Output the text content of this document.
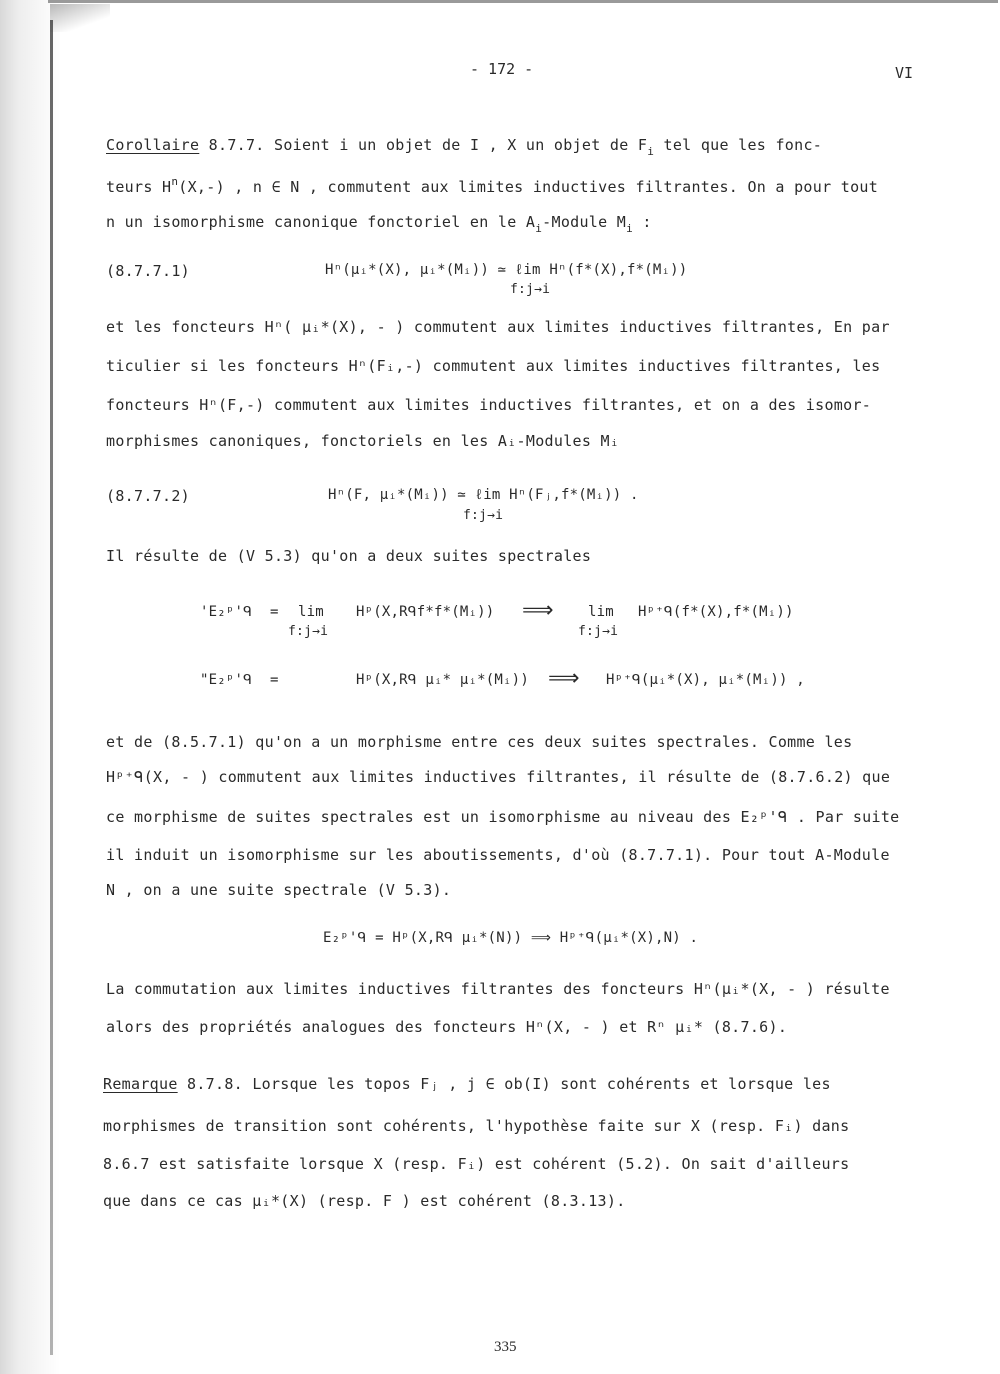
- 172 -	VI
Corollaire 8.7.7. Soient i un objet de I , X un objet de $F_i$ tel que les fonc-
teurs $H^n(X,-)$ , n ∈ N , commutent aux limites inductives filtrantes. On a pour tout
n un isomorphisme canonique fonctoriel en le $A_i$-Module $M_i$ :
(8.7.7.1)	Hⁿ(μᵢ*(X), μᵢ*(Mᵢ)) ≃ ℓim Hⁿ(f*(X),f*(Mᵢ))
f:j→i
et les foncteurs Hⁿ( μᵢ*(X), - ) commutent aux limites inductives filtrantes, En par
ticulier si les foncteurs Hⁿ(Fᵢ,-) commutent aux limites inductives filtrantes, les
foncteurs Hⁿ(F,-) commutent aux limites inductives filtrantes, et on a des isomor-
morphismes canoniques, fonctoriels en les Aᵢ-Modules Mᵢ
(8.7.7.2)	Hⁿ(F, μᵢ*(Mᵢ)) ≃ ℓim Hⁿ(Fⱼ,f*(Mᵢ)) .
f:j→i
Il résulte de (V 5.3) qu'on a deux suites spectrales
'E₂ᵖ'ᑫ = lim
f:j→i
Hᵖ(X,Rᑫf*f*(Mᵢ)) ⟹ lim
f:j→i
Hᵖ⁺ᑫ(f*(X),f*(Mᵢ))
"E₂ᵖ'ᑫ =	Hᵖ(X,Rᑫ μᵢ* μᵢ*(Mᵢ)) ⟹ Hᵖ⁺ᑫ(μᵢ*(X), μᵢ*(Mᵢ)) ,
et de (8.5.7.1) qu'on a un morphisme entre ces deux suites spectrales. Comme les
Hᵖ⁺ᑫ(X, - ) commutent aux limites inductives filtrantes, il résulte de (8.7.6.2) que
ce morphisme de suites spectrales est un isomorphisme au niveau des E₂ᵖ'ᑫ . Par suite
il induit un isomorphisme sur les aboutissements, d'où (8.7.7.1). Pour tout A-Module
N , on a une suite spectrale (V 5.3).
E₂ᵖ'ᑫ = Hᵖ(X,Rᑫ μᵢ*(N)) ⟹ Hᵖ⁺ᑫ(μᵢ*(X),N) .
La commutation aux limites inductives filtrantes des foncteurs Hⁿ(μᵢ*(X, - ) résulte
alors des propriétés analogues des foncteurs Hⁿ(X, - ) et Rⁿ μᵢ* (8.7.6).
Remarque 8.7.8. Lorsque les topos Fⱼ , j ∈ ob(I) sont cohérents et lorsque les
morphismes de transition sont cohérents, l'hypothèse faite sur X (resp. Fᵢ) dans
8.6.7 est satisfaite lorsque X (resp. Fᵢ) est cohérent (5.2). On sait d'ailleurs
que dans ce cas μᵢ*(X) (resp. F ) est cohérent (8.3.13).
335
